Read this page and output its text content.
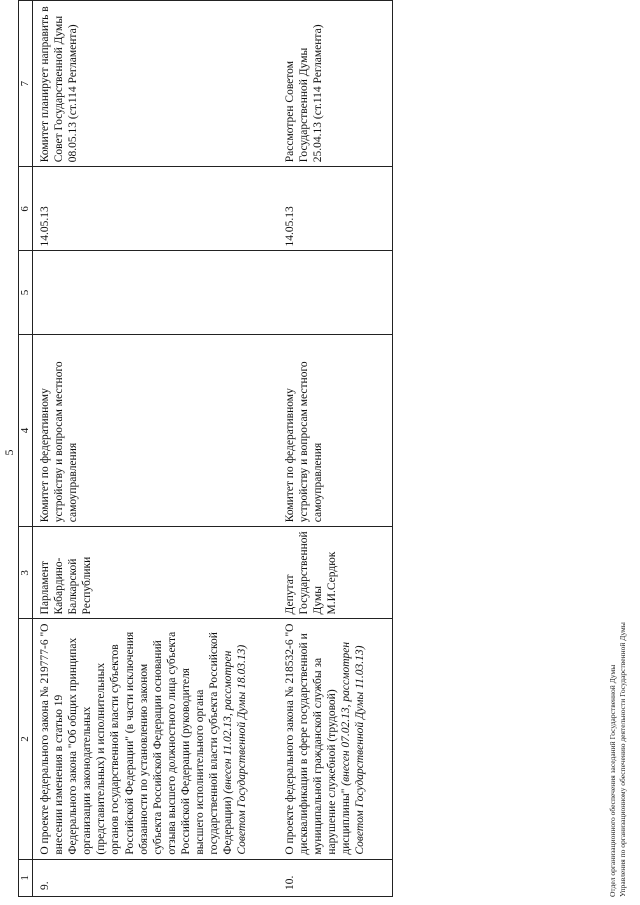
5
1	2	3	4	5	6	7
9.	О проекте федерального закона № 219777-6 "О внесении изменения в статью 19 Федерального закона "Об общих принципах организации законодательных (представительных) и исполнительных органов государственной власти субъектов Российской Федерации" (в части исключения обязанности по установлению законом субъекта Российской Федерации оснований отзыва высшего должностного лица субъекта Российской Федерации (руководителя высшего исполнительного органа государственной власти субъекта Российской Федерации) (внесен 11.02.13, рассмотрен Советом Государственной Думы 18.03.13)	Парламент Кабардино-Балкарской Республики	Комитет по федеративному устройству и вопросам местного самоуправления		14.05.13	Комитет планирует направить в Совет Государственной Думы 08.05.13 (ст.114 Регламента)
10.	О проекте федерального закона № 218532-6 "О дисквалификации в сфере государственной и муниципальной гражданской службы за нарушение служебной (трудовой) дисциплины" (внесен 07.02.13, рассмотрен Советом Государственной Думы 11.03.13)	Депутат Государственной Думы М.И.Сердюк	Комитет по федеративному устройству и вопросам местного самоуправления		14.05.13	Рассмотрен Советом Государственной Думы 25.04.13 (ст.114 Регламента)
Отдел организационного обеспечения заседаний Государственной Думы Управления по организационному обеспечению деятельности Государственной Думы
